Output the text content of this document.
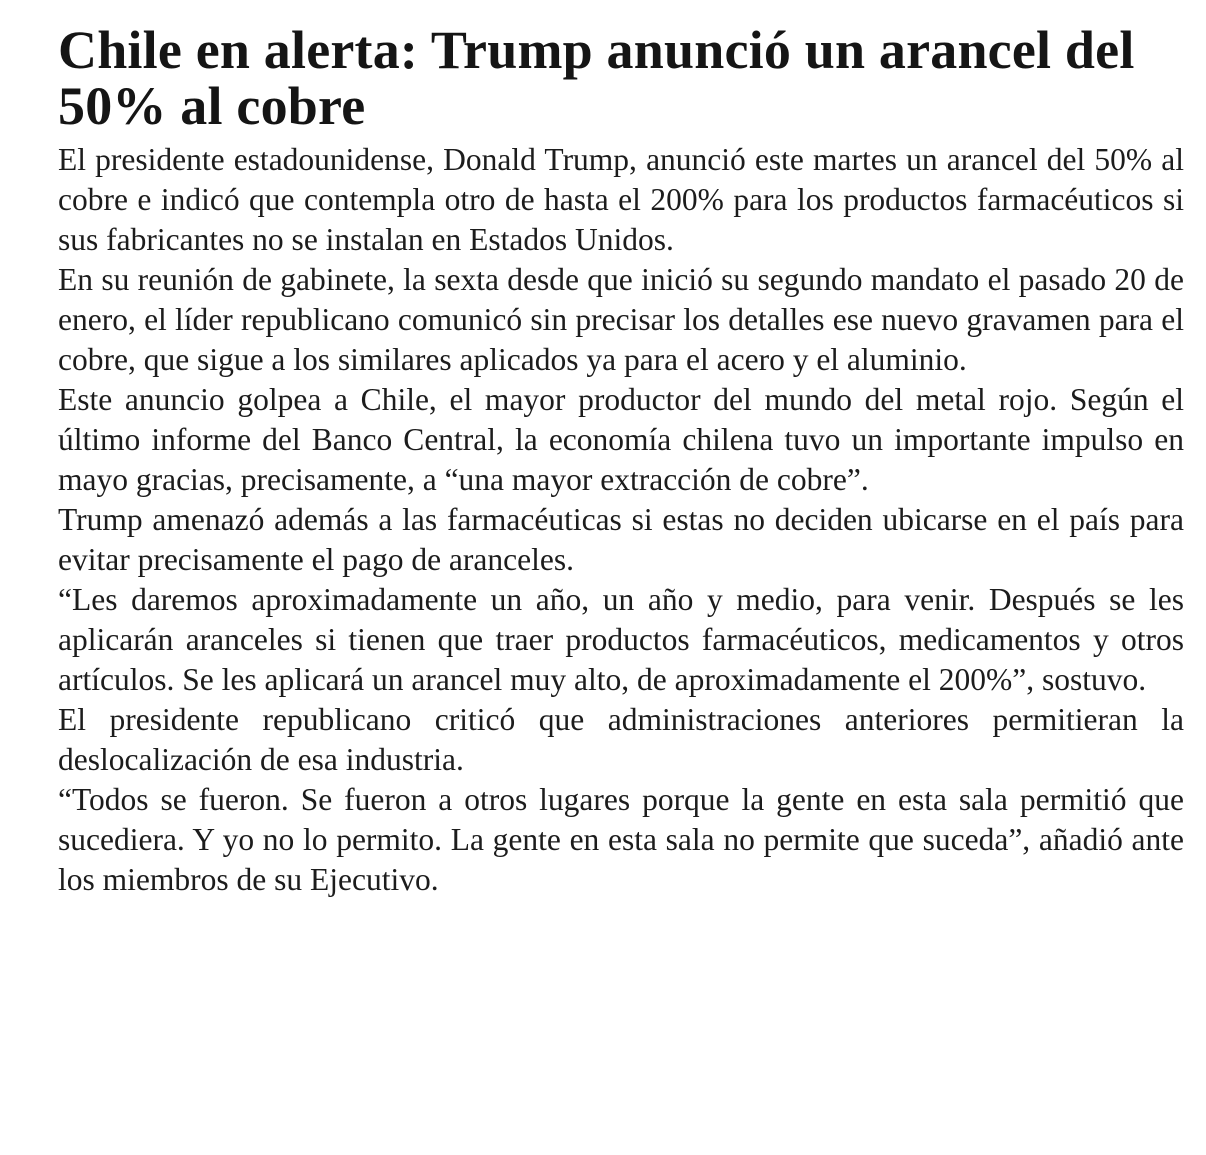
Chile en alerta: Trump anunció un arancel del 50% al cobre

El presidente estadounidense, Donald Trump, anunció este martes un arancel del 50% al cobre e indicó que contempla otro de hasta el 200% para los productos farmacéuticos si sus fabricantes no se instalan en Estados Unidos.

En su reunión de gabinete, la sexta desde que inició su segundo mandato el pasado 20 de enero, el líder republicano comunicó sin precisar los detalles ese nuevo gravamen para el cobre, que sigue a los similares aplicados ya para el acero y el aluminio.

Este anuncio golpea a Chile, el mayor productor del mundo del metal rojo. Según el último informe del Banco Central, la economía chilena tuvo un importante impulso en mayo gracias, precisamente, a “una mayor extracción de cobre”.

Trump amenazó además a las farmacéuticas si estas no deciden ubicarse en el país para evitar precisamente el pago de aranceles.

“Les daremos aproximadamente un año, un año y medio, para venir. Después se les aplicarán aranceles si tienen que traer productos farmacéuticos, medicamentos y otros artículos. Se les aplicará un arancel muy alto, de aproximadamente el 200%”, sostuvo.

El presidente republicano criticó que administraciones anteriores permitieran la deslocalización de esa industria.

“Todos se fueron. Se fueron a otros lugares porque la gente en esta sala permitió que sucediera. Y yo no lo permito. La gente en esta sala no permite que suceda”, añadió ante los miembros de su Ejecutivo.
